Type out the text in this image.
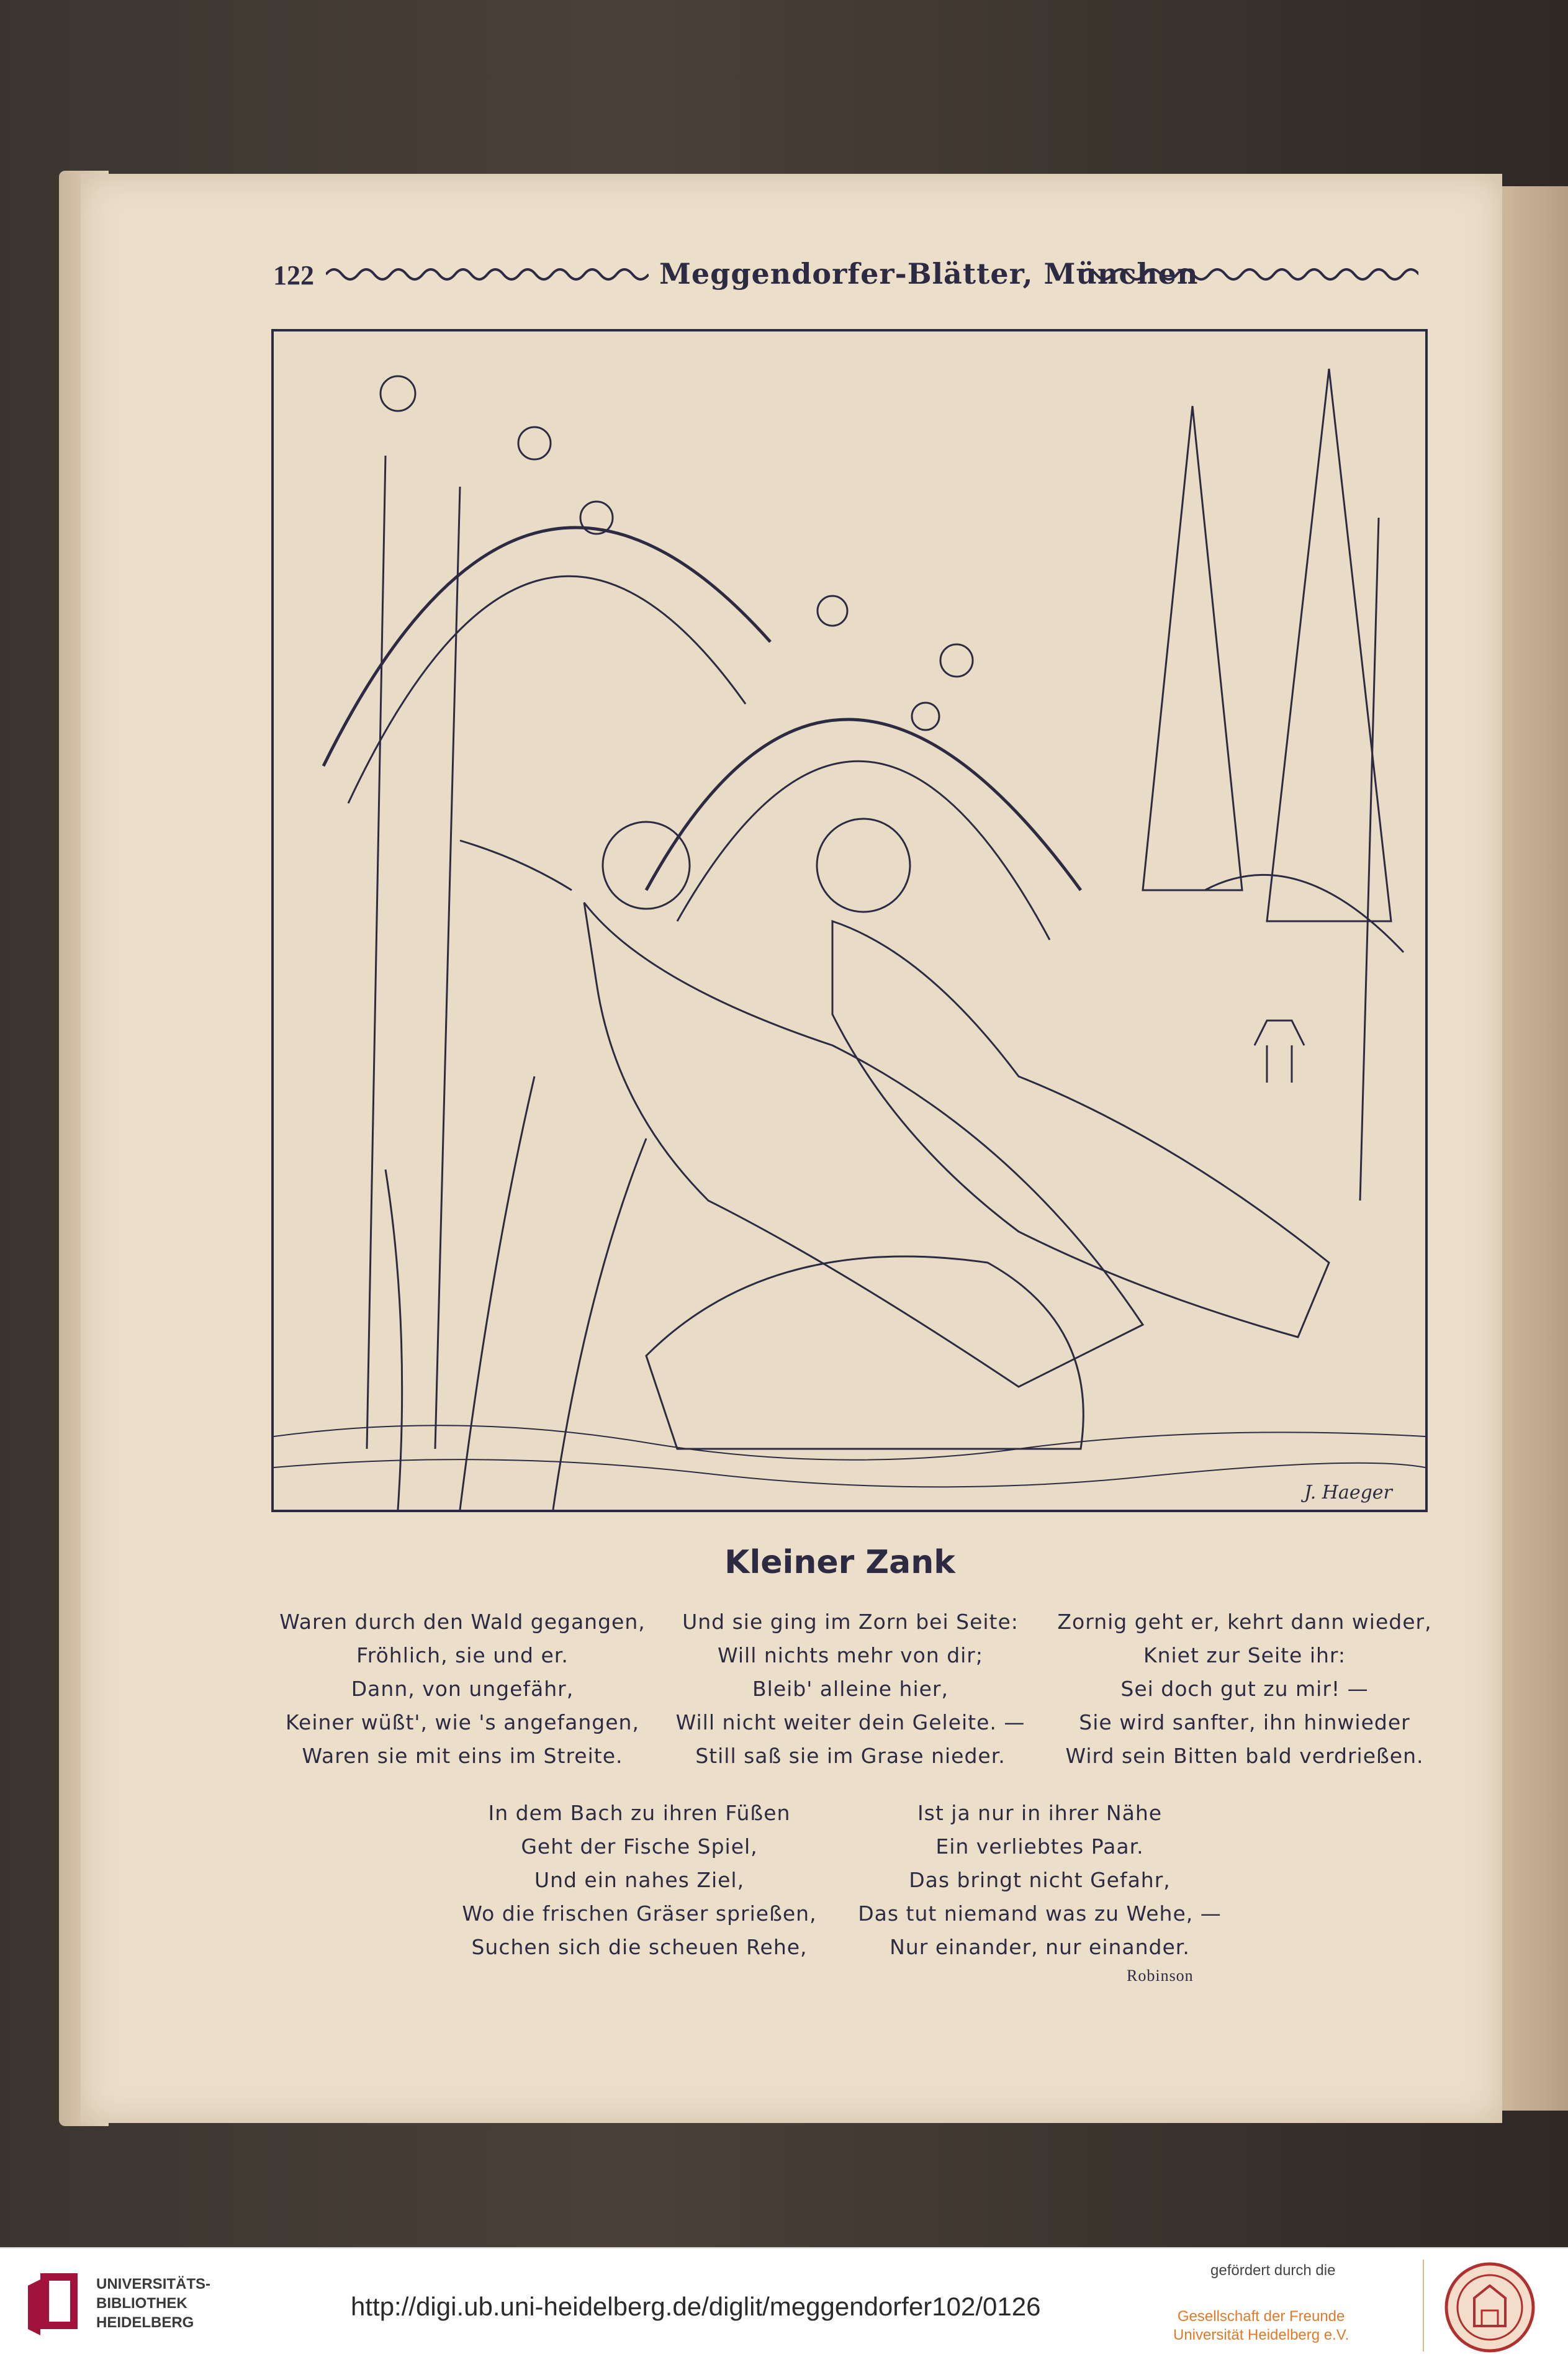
122	Meggendorfer-Blätter, München
J. Haeger
Kleiner Zank
Waren durch den Wald gegangen,
Fröhlich, sie und er.
Dann, von ungefähr,
Keiner wüßt', wie 's angefangen,
Waren sie mit eins im Streite.
Und sie ging im Zorn bei Seite:
Will nichts mehr von dir;
Bleib' alleine hier,
Will nicht weiter dein Geleite. —
Still saß sie im Grase nieder.
Zornig geht er, kehrt dann wieder,
Kniet zur Seite ihr:
Sei doch gut zu mir! —
Sie wird sanfter, ihn hinwieder
Wird sein Bitten bald verdrießen.
In dem Bach zu ihren Füßen
Geht der Fische Spiel,
Und ein nahes Ziel,
Wo die frischen Gräser sprießen,
Suchen sich die scheuen Rehe,
Ist ja nur in ihrer Nähe
Ein verliebtes Paar.
Das bringt nicht Gefahr,
Das tut niemand was zu Wehe, —
Nur einander, nur einander.
Robinson
UNIVERSITÄTS-
BIBLIOTHEK
HEIDELBERG
http://digi.ub.uni-heidelberg.de/diglit/meggendorfer102/0126
gefördert durch die
Gesellschaft der Freunde
Universität Heidelberg e.V.
